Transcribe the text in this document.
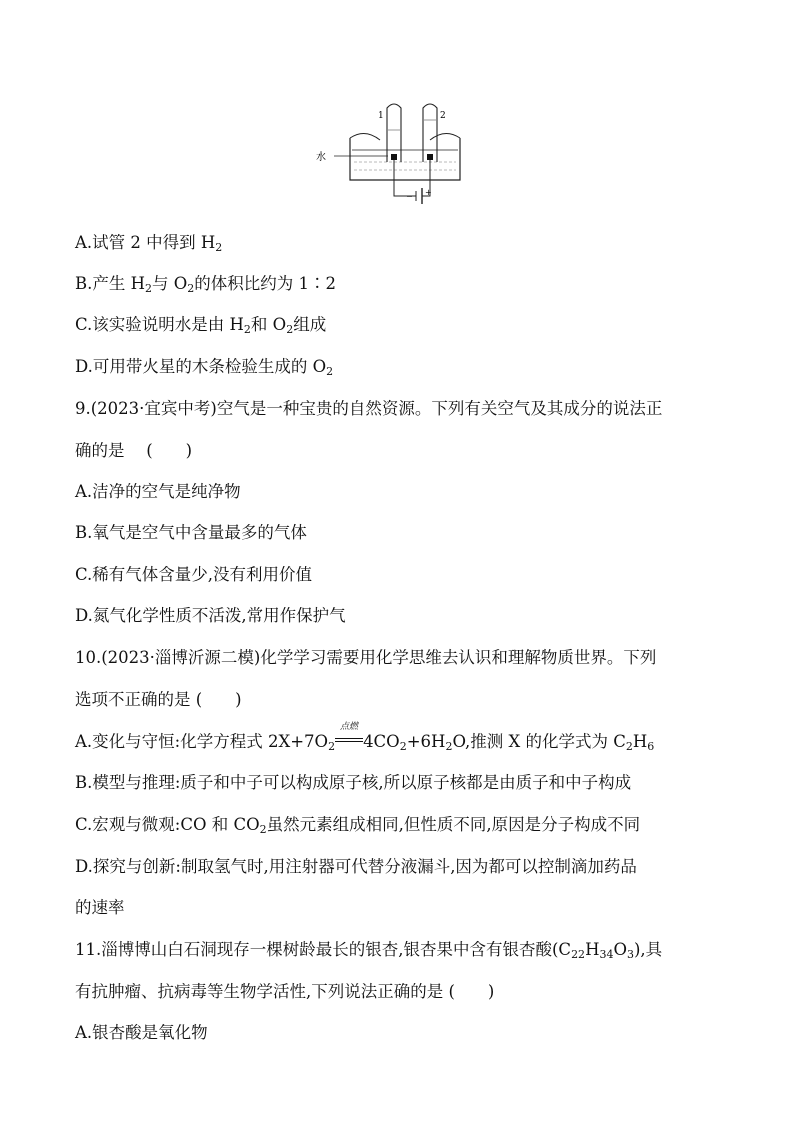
水
1	2
− +
A.试管 2 中得到 $H_2$
B.产生 $H_2$与 $O_2$的体积比约为 1∶2
C.该实验说明水是由 $H_2$和 $O_2$组成
D.可用带火星的木条检验生成的 $O_2$
9.(2023·宜宾中考)空气是一种宝贵的自然资源。下列有关空气及其成分的说法正
确的是　 (　　)
A.洁净的空气是纯净物
B.氧气是空气中含量最多的气体
C.稀有气体含量少,没有利用价值
D.氮气化学性质不活泼,常用作保护气
10.(2023·淄博沂源二模)化学学习需要用化学思维去认识和理解物质世界。下列
选项不正确的是 (　　)
A.变化与守恒:化学方程式 $2X+7O_2$
点燃
$4CO_2+6H_2O$,推测 X 的化学式为 $C_2H_6$
B.模型与推理:质子和中子可以构成原子核,所以原子核都是由质子和中子构成
C.宏观与微观:CO 和 $CO_2$虽然元素组成相同,但性质不同,原因是分子构成不同
D.探究与创新:制取氢气时,用注射器可代替分液漏斗,因为都可以控制滴加药品
的速率
11.淄博博山白石洞现存一棵树龄最长的银杏,银杏果中含有银杏酸$(C_{22}H_{34}O_3)$,具
有抗肿瘤、抗病毒等生物学活性,下列说法正确的是 (　　)
A.银杏酸是氧化物
